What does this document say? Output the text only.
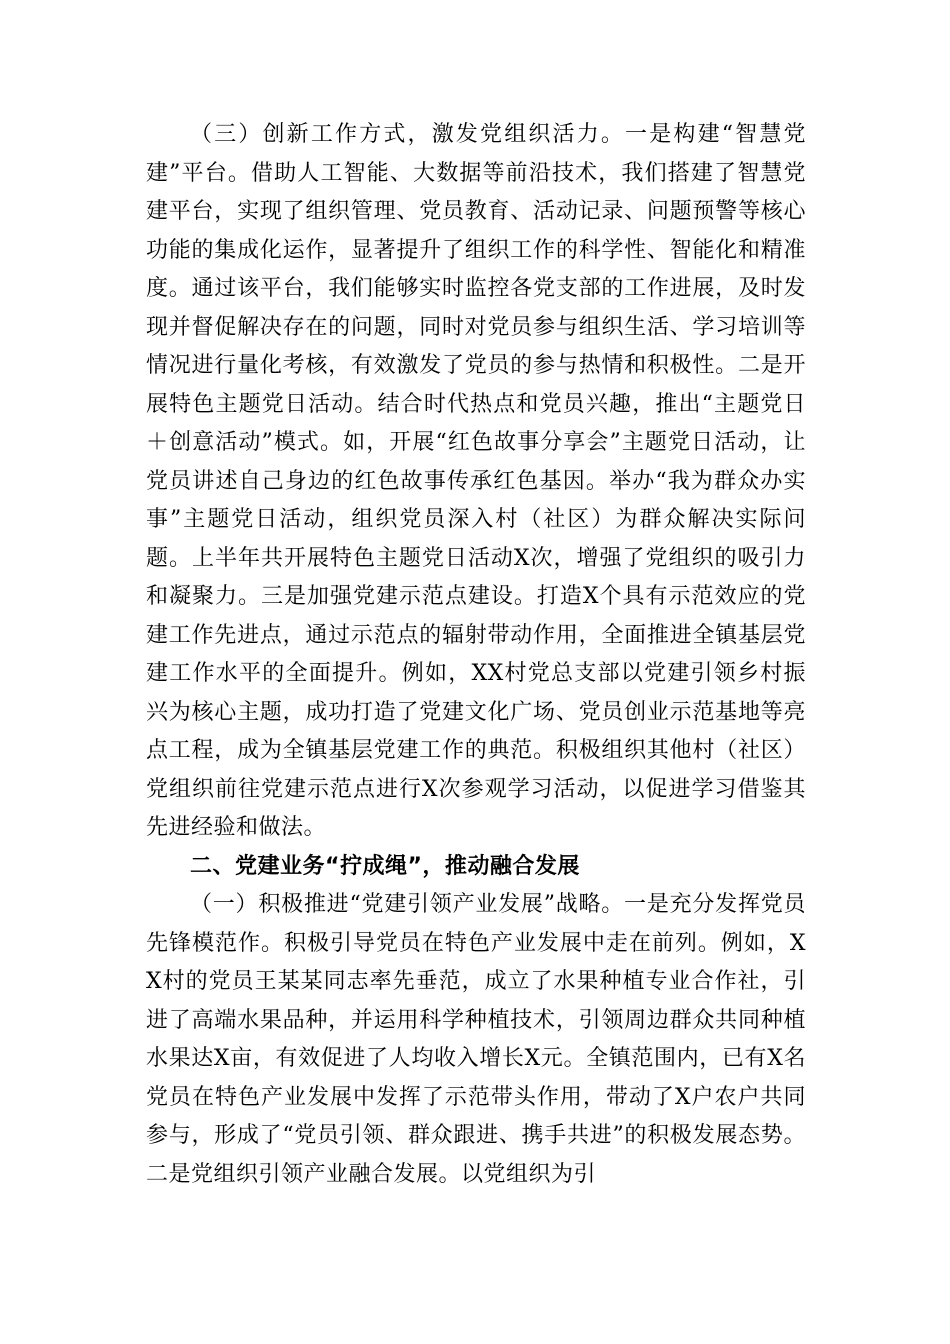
（三）创新工作方式，激发党组织活力。一是构建“智慧党建”平台。借助人工智能、大数据等前沿技术，我们搭建了智慧党建平台，实现了组织管理、党员教育、活动记录、问题预警等核心功能的集成化运作，显著提升了组织工作的科学性、智能化和精准度。通过该平台，我们能够实时监控各党支部的工作进展，及时发现并督促解决存在的问题，同时对党员参与组织生活、学习培训等情况进行量化考核，有效激发了党员的参与热情和积极性。二是开展特色主题党日活动。结合时代热点和党员兴趣，推出“主题党日＋创意活动”模式。如，开展“红色故事分享会”主题党日活动，让党员讲述自己身边的红色故事传承红色基因。举办“我为群众办实事”主题党日活动，组织党员深入村（社区）为群众解决实际问题。上半年共开展特色主题党日活动X次，增强了党组织的吸引力和凝聚力。三是加强党建示范点建设。打造X个具有示范效应的党建工作先进点，通过示范点的辐射带动作用，全面推进全镇基层党建工作水平的全面提升。例如，XX村党总支部以党建引领乡村振兴为核心主题，成功打造了党建文化广场、党员创业示范基地等亮点工程，成为全镇基层党建工作的典范。积极组织其他村（社区）党组织前往党建示范点进行X次参观学习活动，以促进学习借鉴其先进经验和做法。

二、党建业务“拧成绳”，推动融合发展

（一）积极推进“党建引领产业发展”战略。一是充分发挥党员先锋模范作。积极引导党员在特色产业发展中走在前列。例如，XX村的党员王某某同志率先垂范，成立了水果种植专业合作社，引进了高端水果品种，并运用科学种植技术，引领周边群众共同种植水果达X亩，有效促进了人均收入增长X元。全镇范围内，已有X名党员在特色产业发展中发挥了示范带头作用，带动了X户农户共同参与，形成了“党员引领、群众跟进、携手共进”的积极发展态势。二是党组织引领产业融合发展。以党组织为引
